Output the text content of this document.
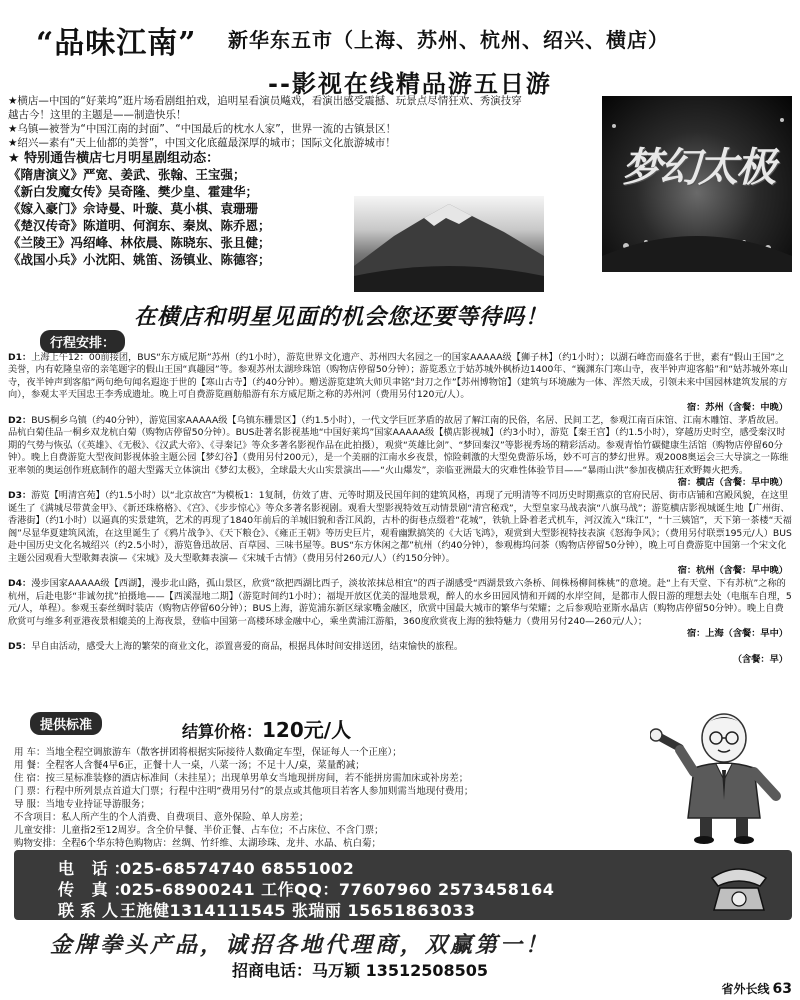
“品味江南” 新华东五市（上海、苏州、杭州、绍兴、横店）
--影视在线精品游五日游

★横店—中国的“好莱坞”逛片场看剧组拍戏，追明星看演员飚戏，看演出感受震撼、玩景点尽情狂欢、秀演技穿越古今！这里的主题是——制造快乐！

★乌镇—被誉为“中国江南的封面”、“中国最后的枕水人家”，世界一流的古镇景区！

★绍兴—素有“天上仙都的美誉”，中国文化底蕴最深厚的城市；国际文化旅游城市！

★ 特别通告横店七月明星剧组动态：

《隋唐演义》严宽、姜武、张翰、王宝强；
《新白发魔女传》吴奇隆、樊少皇、霍建华；
《嫁入豪门》佘诗曼、叶璇、莫小棋、袁珊珊
《楚汉传奇》陈道明、何润东、秦岚、陈乔恩；
《兰陵王》冯绍峰、林依晨、陈晓东、张且健；
《战国小兵》小沈阳、姚笛、汤镇业、陈德容；
梦幻太极
在横店和明星见面的机会您还要等待吗！
行程安排：
D1：上海上午12：00前接团，BUS“东方威尼斯”苏州（约1小时），游览世界文化遗产、苏州四大名园之一的国家AAAAA级【狮子林】（约1小时）；以湖石峰峦而盛名于世，素有“假山王国”之美誉，内有乾隆皇帝的亲笔题字的假山王国“真趣园”等。参观苏州太湖珍珠馆（购物店停留50分钟）；游览悉立于姑苏城外枫桥边1400年、“巍渊东门寒山寺，夜半钟声迎客船”和“姑苏城外寒山寺，夜半钟声到客船”两句绝句闻名遐迩于世的【寒山古寺】（约40分钟）。赠送游览建筑大师贝聿铭“封刀之作”【苏州博物馆】（建筑与环境融为一体、浑然天成，引领未来中国园林建筑发展的方向），参观太平天国忠王李秀成遗址。晚上可自费游览画舫船游有东方威尼斯之称的苏州河（费用另付120元/人）。
宿：苏州（含餐：中晚）
D2：BUS桐乡乌镇（约40分钟），游览国家AAAAA级【乌镇东栅景区】（约1.5小时），一代文学巨匠茅盾的故居了解江南的民俗，名居、民间工艺，参观江南百床馆、江南木雕馆、茅盾故居。品杭白菊佳品一桐乡双龙杭白菊（购物店停留50分钟）。BUS赴著名影视基地“中国好莱坞”国家AAAAA级【横店影视城】（约3小时），游览【秦王宫】（约1.5小时），穿越历史时空，感受秦汉时期的气势与恢弘（《英雄》、《无极》、《汉武大帝》、《寻秦记》等众多著名影视作品在此拍摄），观赏“英雄比剑”、“梦回秦汉”等影视秀场的精彩活动。参观青怡竹碳健康生活馆（购物店停留60分钟）。晚上自费游览大型夜间影视体验主题公园【梦幻谷】（费用另付200元），是一个美丽的江南水乡夜景，惊险刺激的大型免费游乐场，妙不可言的梦幻世界。观2008奥运会三大导演之一陈维亚率领的奥运创作班底制作的超大型露天立体演出《梦幻太极》，全球最大火山实景演出——“火山爆发”，亲临亚洲最大的灾难性体验节目——“暴雨山洪”参加夜横店狂欢野舞火把秀。
宿：横店（含餐：早中晚）
D3：游览【明清宫苑】（约1.5小时）以“北京故宫”为模板1：1复制，仿效了唐、元等时期及民国年间的建筑风格，再现了元明清等不同历史时期燕京的官府民居、街市店铺和宫殿风貌，在这里诞生了《满城尽带黄金甲》、《新还珠格格》、《宫》、《步步惊心》等众多著名影视剧。观看大型影视特效互动情景剧“清宫秘戏”，大型皇家马战表演“八旗马战”；游览横店影视城诞生地【广州街、香港街】（约1小时）以逼真的实景建筑，艺术的再现了1840年前后的羊城旧貌和香江风韵，古朴的街巷点缀着“花城”，铁轨上卧着老式机车，河汉流入“珠江”，“十三姨馆”，天下第一茶楼“天福阁”尽显华夏建筑风流，在这里诞生了《鸦片战争》、《天下粮仓》、《雍正王朝》等历史巨片，观看幽默搞笑的《大话飞鸿》，观赏到大型影视特技表演《怒海争风》；（费用另付联票195元/人）BUS赴中国历史文化名城绍兴（约2.5小时），游览鲁迅故居、百草园、三味书屋等。BUS“东方休闲之都”杭州（约40分钟），参观梅坞问茶（购物店停留50分钟），晚上可自费游览中国第一个宋文化主题公园观看大型歌舞表演—《宋城》及大型歌舞表演—《宋城千古情》（费用另付260元/人）（约150分钟）。
宿：杭州（含餐：早中晚）
D4：漫步国家AAAAA级【西湖】，漫步北山路，孤山景区，欣赏“欲把西湖比西子，淡妆浓抹总相宜”的西子湖感受“西湖景致六条桥、间株杨柳间株桃”的意境。赴“上有天堂、下有苏杭”之称的杭州，后赴电影“非诚勿扰”拍摄地——【西溪湿地二期】（游览时间约1小时）；福堤开放区优美的湿地景观，醉人的水乡田园风情和开阔的水岸空间，是都市人假日游的理想去处（电瓶车自理，5元/人，单程）。参观玉泰丝绸时装店（购物店停留60分钟）；BUS上海，游览浦东新区绿家嘴金融区，欣赏中国最大城市的繁华与荣耀；之后参观哈亚斯水晶店（购物店停留50分钟）。晚上自费欣赏可与维多利亚港夜景相媲美的上海夜景，登临中国第一高楼环球金融中心，乘坐黄浦江游船，360度欣赏夜上海的独特魅力（费用另付240—260元/人）；
宿：上海（含餐：早中）
D5：早自由活动，感受大上海的繁荣的商业文化，添置喜爱的商品，根据具体时间安排送团，结束愉快的旅程。
（含餐：早）
提供标准	结算价格：120元/人
用 车：当地全程空调旅游车（散客拼团将根据实际接待人数确定车型，保证每人一个正座）；
用 餐：全程客人含餐4早6正，正餐十人一桌，八菜一汤；不足十人/桌，菜量酌减；
住 宿：按三星标准装修的酒店标准间（未挂星）；出现单男单女当地现拼房间，若不能拼房需加床或补房差；
门 票：行程中所列景点首道大门票；行程中注明“费用另付”的景点或其他项目若客人参加则需当地现付费用；
导 服：当地专业持证导游服务；
不含项目：私人所产生的个人消费、自费项目、意外保险、单人房差；
儿童安排：儿童指2至12周岁。含全价早餐、半价正餐、占车位；不占床位、不含门票；
购物安排：全程6个华东特色购物店：丝绸、竹纤维、太湖珍珠、龙井、水晶、杭白菊；
电 话：025-68574740 68551002
传 真：025-68900241 工作QQ：77607960 2573458164
联系人：王施健1314111545 张瑞丽 15651863033
金牌拳头产品，诚招各地代理商，双赢第一！
招商电话：马万颖 13512508505
省外长线 63
